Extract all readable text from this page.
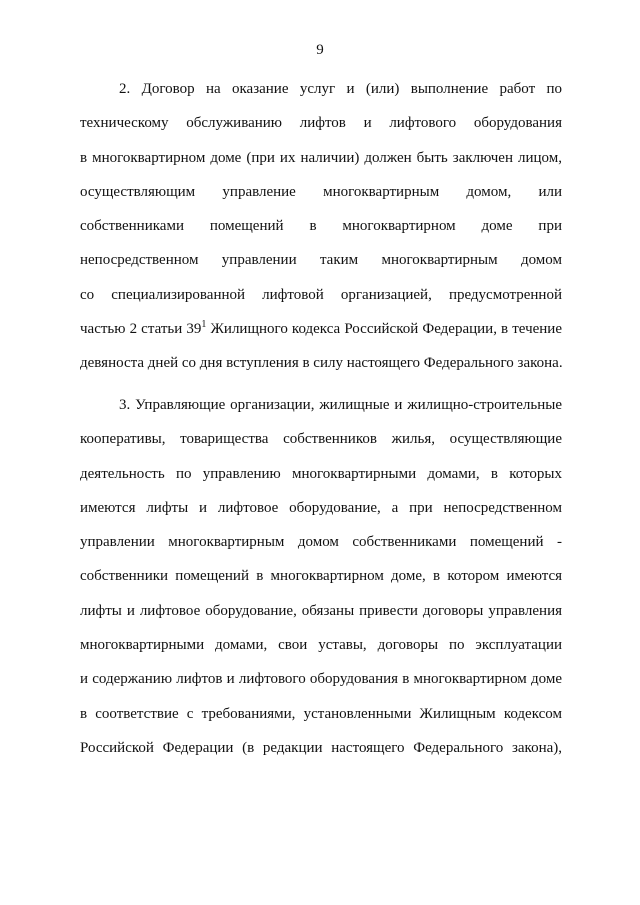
9
2. Договор на оказание услуг и (или) выполнение работ по
техническому обслуживанию лифтов и лифтового оборудования
в многоквартирном доме (при их наличии) должен быть заключен лицом,
осуществляющим управление многоквартирным домом, или
собственниками помещений в многоквартирном доме при
непосредственном управлении таким многоквартирным домом
со специализированной лифтовой организацией, предусмотренной
частью 2 статьи $39^1$ Жилищного кодекса Российской Федерации, в течение
девяноста дней со дня вступления в силу настоящего Федерального закона.
3. Управляющие организации, жилищные и жилищно-строительные
кооперативы, товарищества собственников жилья, осуществляющие
деятельность по управлению многоквартирными домами, в которых
имеются лифты и лифтовое оборудование, а при непосредственном
управлении многоквартирным домом собственниками помещений -
собственники помещений в многоквартирном доме, в котором имеются
лифты и лифтовое оборудование, обязаны привести договоры управления
многоквартирными домами, свои уставы, договоры по эксплуатации
и содержанию лифтов и лифтового оборудования в многоквартирном доме
в соответствие с требованиями, установленными Жилищным кодексом
Российской Федерации (в редакции настоящего Федерального закона),
